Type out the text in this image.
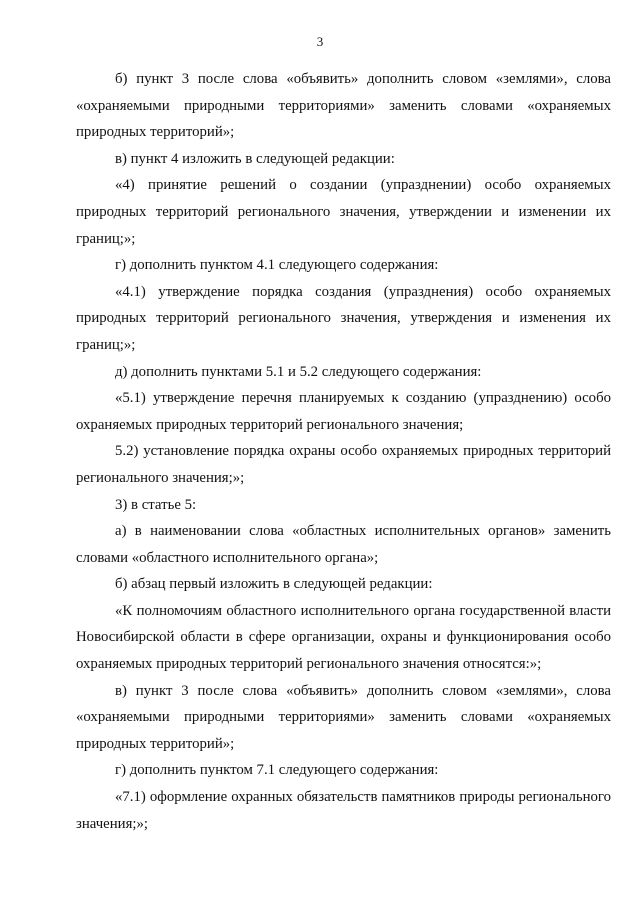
3

б) пункт 3 после слова «объявить» дополнить словом «землями», слова «охраняемыми природными территориями» заменить словами «охраняемых природных территорий»;

в) пункт 4 изложить в следующей редакции:

«4) принятие решений о создании (упразднении) особо охраняемых природных территорий регионального значения, утверждении и изменении их границ;»;

г) дополнить пунктом 4.1 следующего содержания:

«4.1) утверждение порядка создания (упразднения) особо охраняемых природных территорий регионального значения, утверждения и изменения их границ;»;

д) дополнить пунктами 5.1 и 5.2 следующего содержания:

«5.1) утверждение перечня планируемых к созданию (упразднению) особо охраняемых природных территорий регионального значения;

5.2) установление порядка охраны особо охраняемых природных территорий регионального значения;»;

3) в статье 5:

а) в наименовании слова «областных исполнительных органов» заменить словами «областного исполнительного органа»;

б) абзац первый изложить в следующей редакции:

«К полномочиям областного исполнительного органа государственной власти Новосибирской области в сфере организации, охраны и функционирования особо охраняемых природных территорий регионального значения относятся:»;

в) пункт 3 после слова «объявить» дополнить словом «землями», слова «охраняемыми природными территориями» заменить словами «охраняемых природных территорий»;

г) дополнить пунктом 7.1 следующего содержания:

«7.1) оформление охранных обязательств памятников природы регионального значения;»;
